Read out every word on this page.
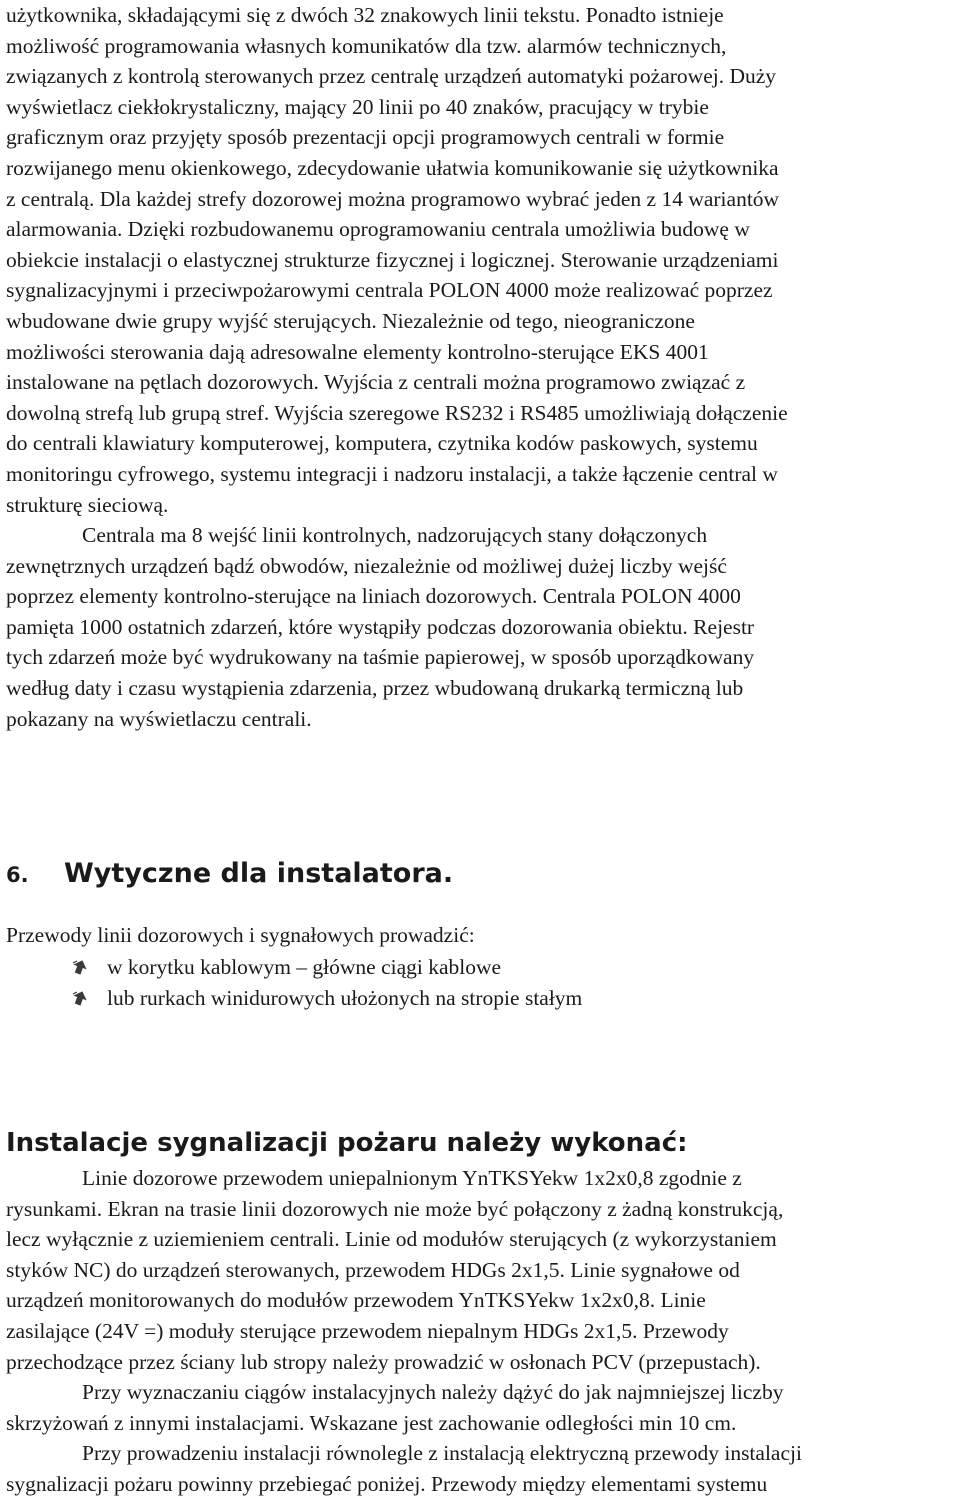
użytkownika, składającymi się z dwóch 32 znakowych linii tekstu. Ponadto istnieje
możliwość programowania własnych komunikatów dla tzw. alarmów technicznych,
związanych z kontrolą sterowanych przez centralę urządzeń automatyki pożarowej. Duży
wyświetlacz ciekłokrystaliczny, mający 20 linii po 40 znaków, pracujący w trybie
graficznym oraz przyjęty sposób prezentacji opcji programowych centrali w formie
rozwijanego menu okienkowego, zdecydowanie ułatwia komunikowanie się użytkownika
z centralą. Dla każdej strefy dozorowej można programowo wybrać jeden z 14 wariantów
alarmowania. Dzięki rozbudowanemu oprogramowaniu centrala umożliwia budowę w
obiekcie instalacji o elastycznej strukturze fizycznej i logicznej. Sterowanie urządzeniami
sygnalizacyjnymi i przeciwpożarowymi centrala POLON 4000 może realizować poprzez
wbudowane dwie grupy wyjść sterujących. Niezależnie od tego, nieograniczone
możliwości sterowania dają adresowalne elementy kontrolno-sterujące EKS 4001
instalowane na pętlach dozorowych. Wyjścia z centrali można programowo związać z
dowolną strefą lub grupą stref. Wyjścia szeregowe RS232 i RS485 umożliwiają dołączenie
do centrali klawiatury komputerowej, komputera, czytnika kodów paskowych, systemu
monitoringu cyfrowego, systemu integracji i nadzoru instalacji, a także łączenie central w
strukturę sieciową.

Centrala ma 8 wejść linii kontrolnych, nadzorujących stany dołączonych
zewnętrznych urządzeń bądź obwodów, niezależnie od możliwej dużej liczby wejść
poprzez elementy kontrolno-sterujące na liniach dozorowych. Centrala POLON 4000
pamięta 1000 ostatnich zdarzeń, które wystąpiły podczas dozorowania obiektu. Rejestr
tych zdarzeń może być wydrukowany na taśmie papierowej, w sposób uporządkowany
według daty i czasu wystąpienia zdarzenia, przez wbudowaną drukarką termiczną lub
pokazany na wyświetlaczu centrali.

6.	Wytyczne dla instalatora.

Przewody linii dozorowych i sygnałowych prowadzić:

w korytku kablowym – główne ciągi kablowe
lub rurkach winidurowych ułożonych na stropie stałym
Instalacje sygnalizacji pożaru należy wykonać:

Linie dozorowe przewodem uniepalnionym YnTKSYekw 1x2x0,8 zgodnie z
rysunkami. Ekran na trasie linii dozorowych nie może być połączony z żadną konstrukcją,
lecz wyłącznie z uziemieniem centrali. Linie od modułów sterujących (z wykorzystaniem
styków NC) do urządzeń sterowanych, przewodem HDGs 2x1,5. Linie sygnałowe od
urządzeń monitorowanych do modułów przewodem YnTKSYekw 1x2x0,8. Linie
zasilające (24V =) moduły sterujące przewodem niepalnym HDGs 2x1,5. Przewody
przechodzące przez ściany lub stropy należy prowadzić w osłonach PCV (przepustach).

Przy wyznaczaniu ciągów instalacyjnych należy dążyć do jak najmniejszej liczby
skrzyżowań z innymi instalacjami. Wskazane jest zachowanie odległości min 10 cm.

Przy prowadzeniu instalacji równolegle z instalacją elektryczną przewody instalacji
sygnalizacji pożaru powinny przebiegać poniżej. Przewody między elementami systemu
